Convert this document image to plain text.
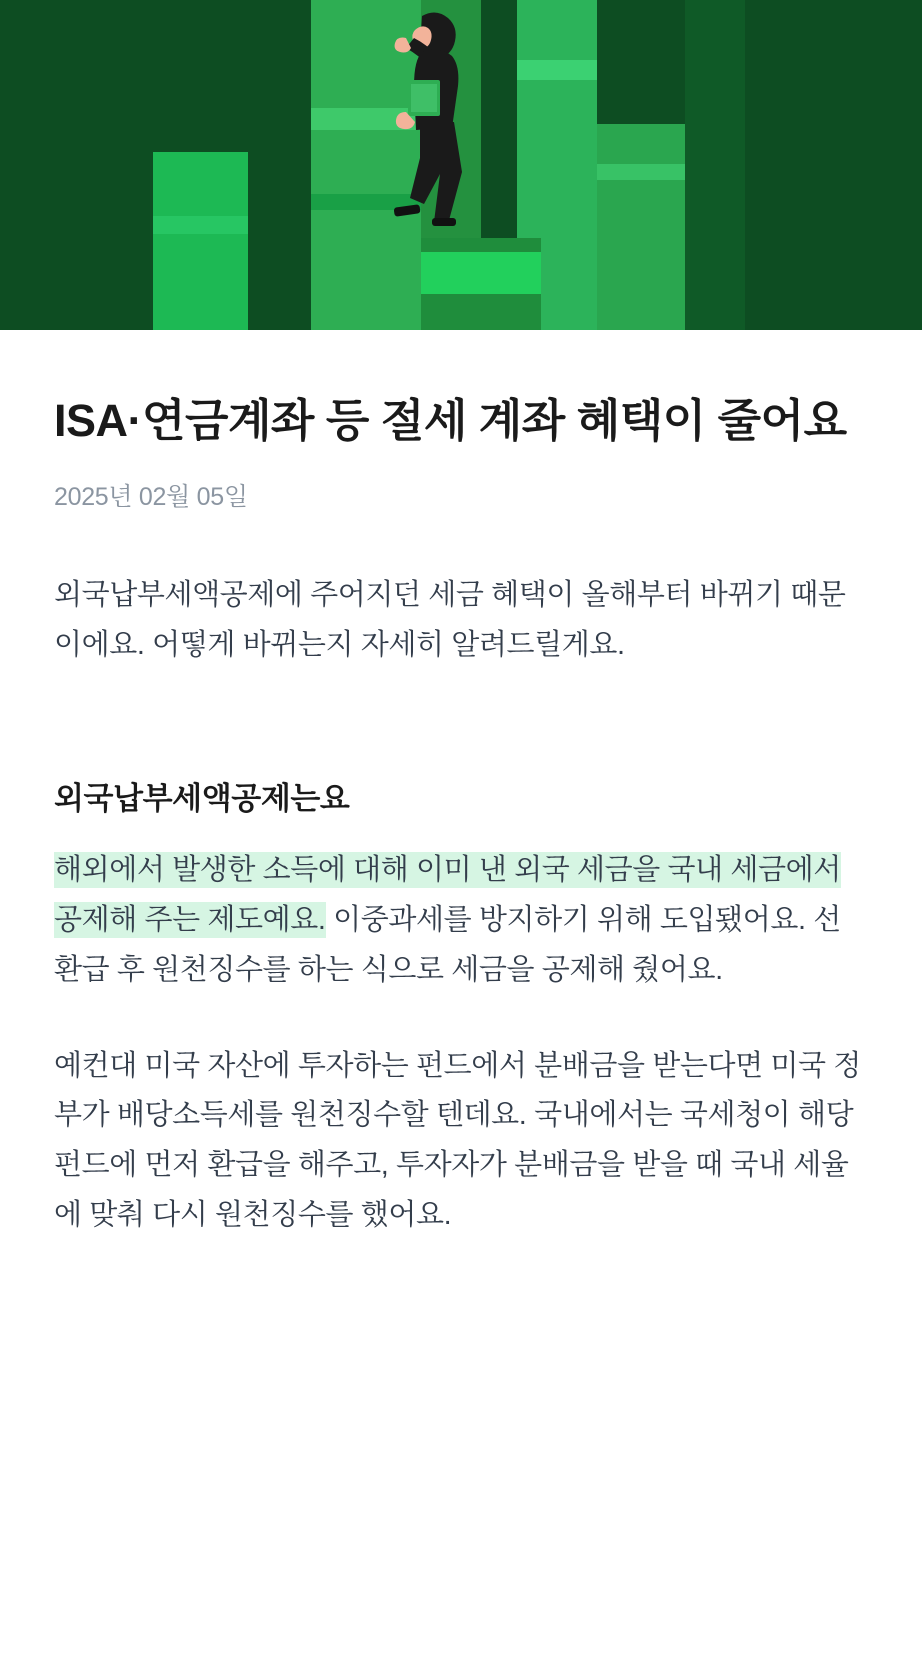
ISA·연금계좌 등 절세 계좌 혜택이 줄어요
2025년 02월 05일

외국납부세액공제에 주어지던 세금 혜택이 올해부터 바뀌기 때문이에요. 어떻게 바뀌는지 자세히 알려드릴게요.

외국납부세액공제는요

해외에서 발생한 소득에 대해 이미 낸 외국 세금을 국내 세금에서 공제해 주는 제도예요. 이중과세를 방지하기 위해 도입됐어요. 선 환급 후 원천징수를 하는 식으로 세금을 공제해 줬어요.

예컨대 미국 자산에 투자하는 펀드에서 분배금을 받는다면 미국 정부가 배당소득세를 원천징수할 텐데요. 국내에서는 국세청이 해당 펀드에 먼저 환급을 해주고, 투자자가 분배금을 받을 때 국내 세율에 맞춰 다시 원천징수를 했어요.
